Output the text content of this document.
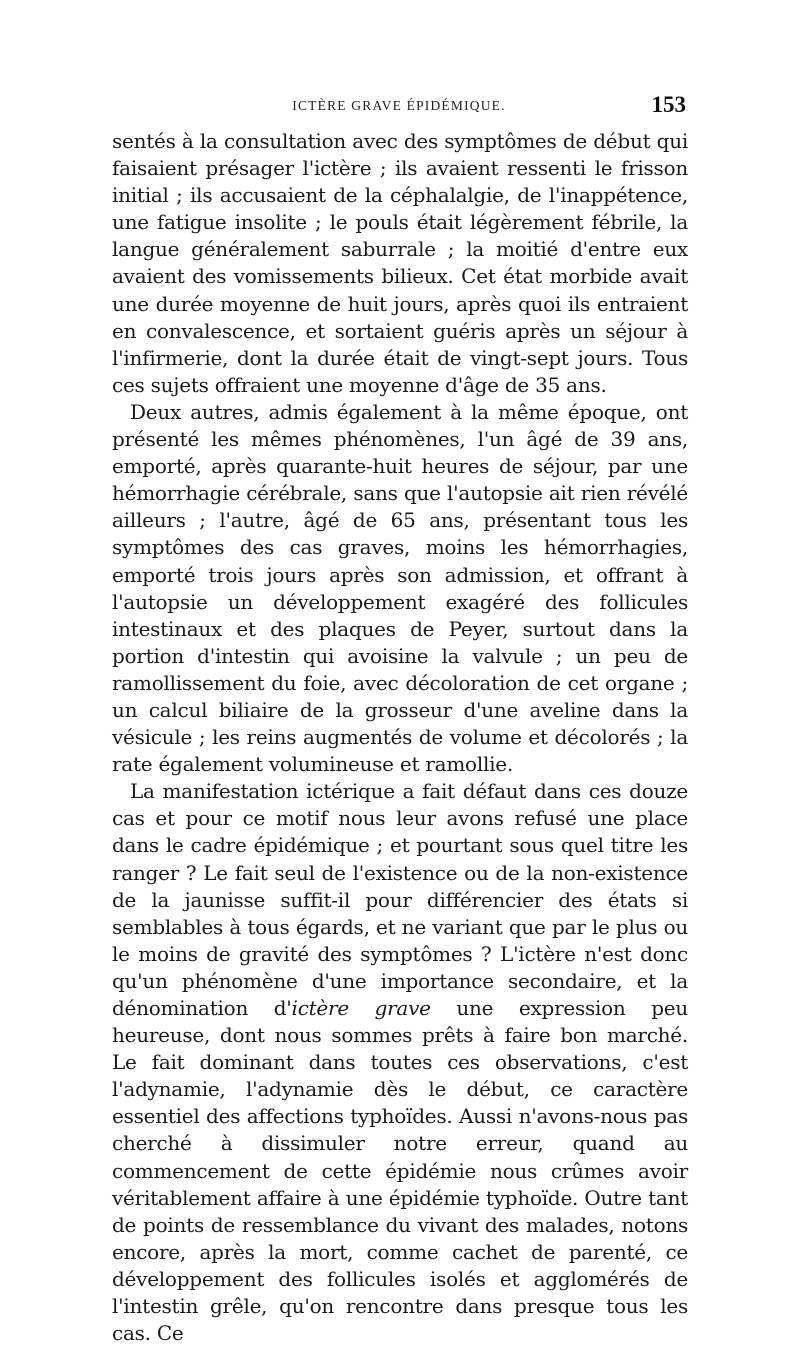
ICTÈRE GRAVE ÉPIDÉMIQUE.	153

sentés à la consultation avec des symptômes de début qui faisaient présager l'ictère ; ils avaient ressenti le frisson initial ; ils accusaient de la céphalalgie, de l'inappétence, une fatigue insolite ; le pouls était légèrement fébrile, la langue généralement saburrale ; la moitié d'entre eux avaient des vomissements bilieux. Cet état morbide avait une durée moyenne de huit jours, après quoi ils entraient en convalescence, et sortaient guéris après un séjour à l'infirmerie, dont la durée était de vingt-sept jours. Tous ces sujets offraient une moyenne d'âge de 35 ans.

Deux autres, admis également à la même époque, ont présenté les mêmes phénomènes, l'un âgé de 39 ans, emporté, après quarante-huit heures de séjour, par une hémorrhagie cérébrale, sans que l'autopsie ait rien révélé ailleurs ; l'autre, âgé de 65 ans, présentant tous les symptômes des cas graves, moins les hémorrhagies, emporté trois jours après son admission, et offrant à l'autopsie un développement exagéré des follicules intestinaux et des plaques de Peyer, surtout dans la portion d'intestin qui avoisine la valvule ; un peu de ramollissement du foie, avec décoloration de cet organe ; un calcul biliaire de la grosseur d'une aveline dans la vésicule ; les reins augmentés de volume et décolorés ; la rate également volumineuse et ramollie.

La manifestation ictérique a fait défaut dans ces douze cas et pour ce motif nous leur avons refusé une place dans le cadre épidémique ; et pourtant sous quel titre les ranger ? Le fait seul de l'existence ou de la non-existence de la jaunisse suffit-il pour différencier des états si semblables à tous égards, et ne variant que par le plus ou le moins de gravité des symptômes ? L'ictère n'est donc qu'un phénomène d'une importance secondaire, et la dénomination d'ictère grave une expression peu heureuse, dont nous sommes prêts à faire bon marché. Le fait dominant dans toutes ces observations, c'est l'adynamie, l'adynamie dès le début, ce caractère essentiel des affections typhoïdes. Aussi n'avons-nous pas cherché à dissimuler notre erreur, quand au commencement de cette épidémie nous crûmes avoir véritablement affaire à une épidémie typhoïde. Outre tant de points de ressemblance du vivant des malades, notons encore, après la mort, comme cachet de parenté, ce développement des follicules isolés et agglomérés de l'intestin grêle, qu'on rencontre dans presque tous les cas. Ce
